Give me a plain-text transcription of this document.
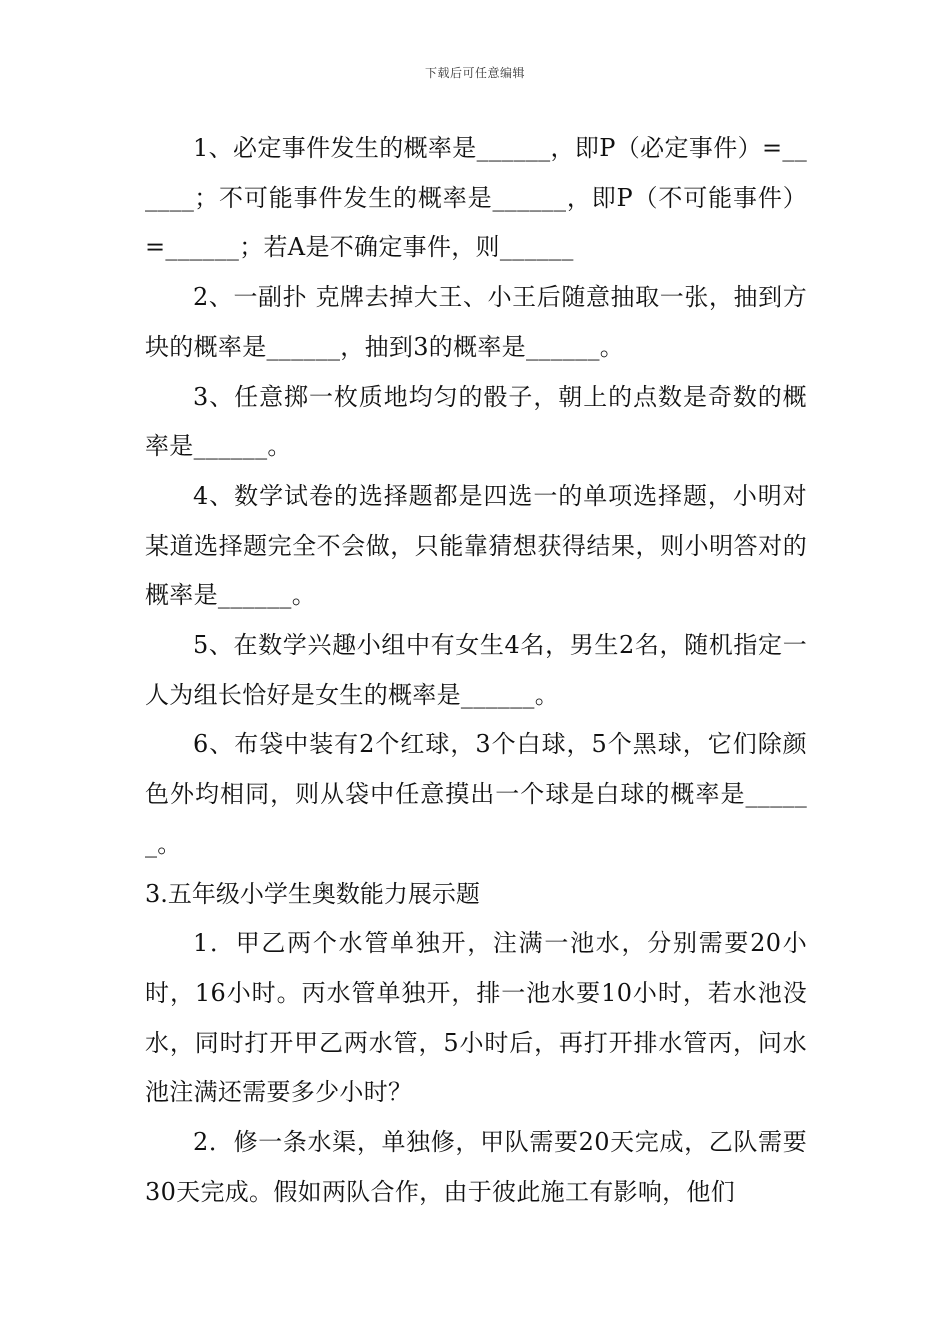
下载后可任意编辑

1、必定事件发生的概率是______，即P（必定事件）=______；不可能事件发生的概率是______，即P（不可能事件）=______；若A是不确定事件，则______

2、一副扑 克牌去掉大王、小王后随意抽取一张，抽到方块的概率是______，抽到3的概率是______。

3、任意掷一枚质地均匀的骰子，朝上的点数是奇数的概率是______。

4、数学试卷的选择题都是四选一的单项选择题，小明对某道选择题完全不会做，只能靠猜想获得结果，则小明答对的概率是______。

5、在数学兴趣小组中有女生4名，男生2名，随机指定一人为组长恰好是女生的概率是______。

6、布袋中装有2个红球，3个白球，5个黑球，它们除颜色外均相同，则从袋中任意摸出一个球是白球的概率是______。

3.五年级小学生奥数能力展示题

1．甲乙两个水管单独开，注满一池水，分别需要20小时，16小时。丙水管单独开，排一池水要10小时，若水池没水，同时打开甲乙两水管，5小时后，再打开排水管丙，问水池注满还需要多少小时？

2．修一条水渠，单独修，甲队需要20天完成，乙队需要30天完成。假如两队合作，由于彼此施工有影响，他们
